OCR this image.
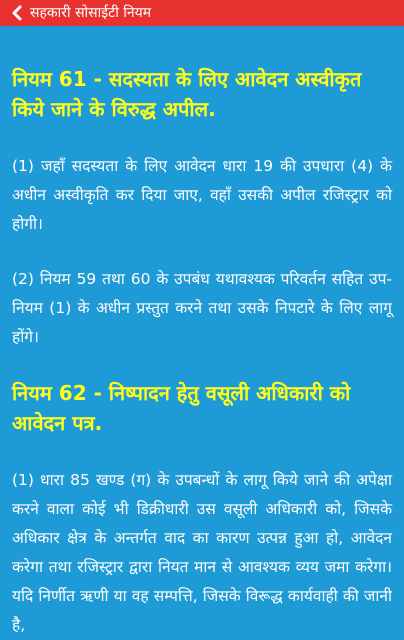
सहकारी सोसाईटी नियम
नियम 61 - सदस्यता के लिए आवेदन अस्वीकृत किये जाने के विरुद्ध अपील.

(1) जहाँ सदस्यता के लिए आवेदन धारा 19 की उपधारा (4) के अधीन अस्वीकृति कर दिया जाए, वहाँ उसकी अपील रजिस्ट्रार को होगी।

(2) नियम 59 तथा 60 के उपबंध यथावश्यक परिवर्तन सहित उप-नियम (1) के अधीन प्रस्तुत करने तथा उसके निपटारे के लिए लागू होंगे।

नियम 62 - निष्पादन हेतु वसूली अधिकारी को आवेदन पत्र.

(1) धारा 85 खण्ड (ग) के उपबन्धों के लागू किये जाने की अपेक्षा करने वाला कोई भी डिक्रीधारी उस वसूली अधिकारी को, जिसके अधिकार क्षेत्र के अन्तर्गत वाद का कारण उत्पन्न हुआ हो, आवेदन करेगा तथा रजिस्ट्रार द्वारा नियत मान से आवश्यक व्यय जमा करेगा। यदि निर्णीत ऋणी या वह सम्पत्ति, जिसके विरूद्ध कार्यवाही की जानी है,
